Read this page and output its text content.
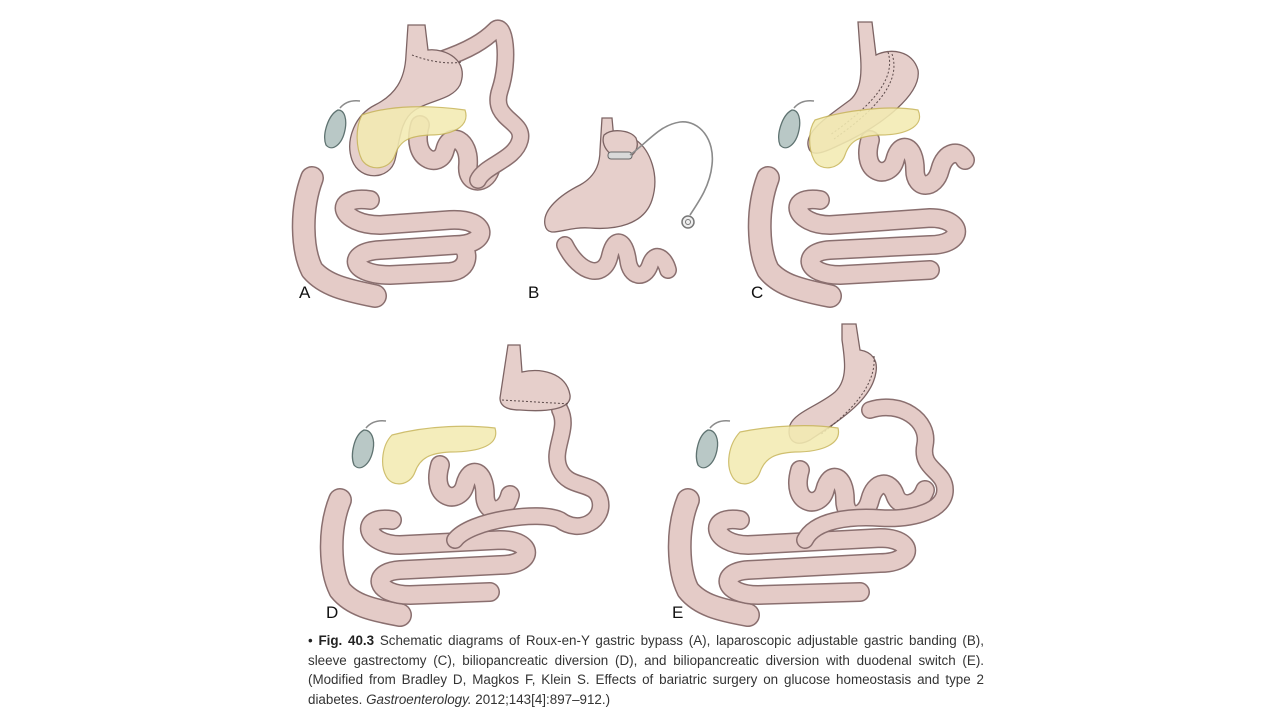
A	B	C
D	E
• Fig. 40.3 Schematic diagrams of Roux-en-Y gastric bypass (A), laparoscopic adjustable gastric banding (B), sleeve gastrectomy (C), biliopancreatic diversion (D), and biliopancreatic diversion with duodenal switch (E). (Modified from Bradley D, Magkos F, Klein S. Effects of bariatric surgery on glucose homeostasis and type 2 diabetes. Gastroenterology. 2012;143[4]:897–912.)
